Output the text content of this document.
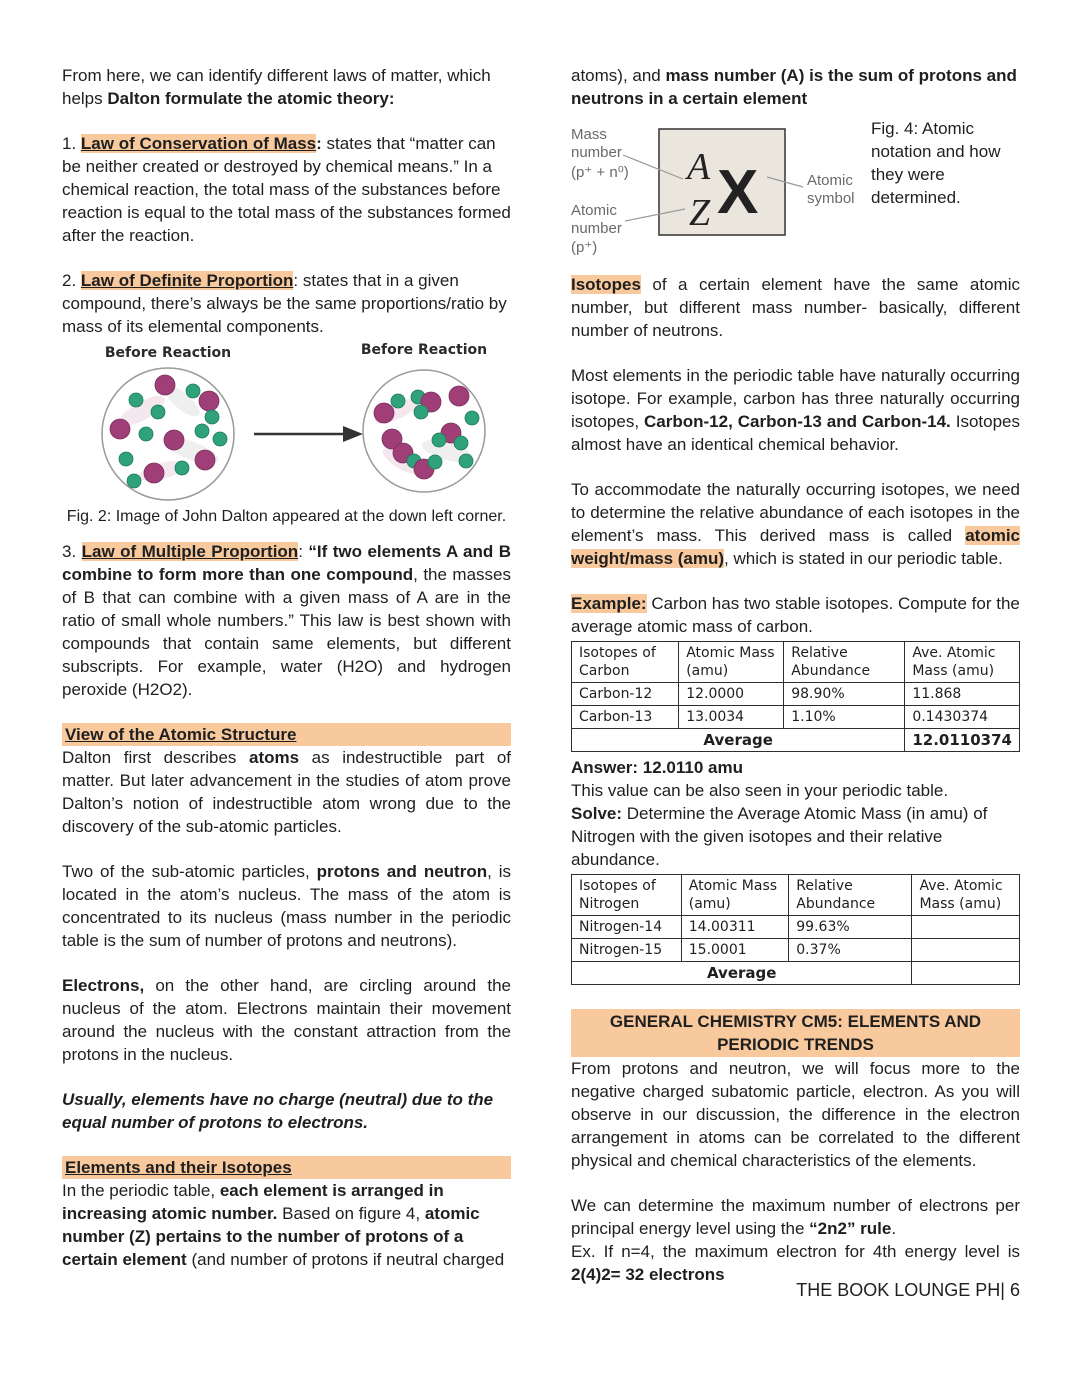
From here, we can identify different laws of matter, which helps Dalton formulate the atomic theory:

1. Law of Conservation of Mass: states that “matter can be neither created or destroyed by chemical means.” In a chemical reaction, the total mass of the substances before reaction is equal to the total mass of the substances formed after the reaction.

2. Law of Definite Proportion: states that in a given compound, there’s always be the same proportions/ratio by mass of its elemental components.

Before Reaction	Before Reaction
Fig. 2: Image of John Dalton appeared at the down left corner.

3. Law of Multiple Proportion: “If two elements A and B combine to form more than one compound, the masses of B that can combine with a given mass of A are in the ratio of small whole numbers.” This law is best shown with compounds that contain same elements, but different subscripts. For example, water (H2O) and hydrogen peroxide (H2O2).

View of the Atomic Structure

Dalton first describes atoms as indestructible part of matter. But later advancement in the studies of atom prove Dalton’s notion of indestructible atom wrong due to the discovery of the sub-atomic particles.

Two of the sub-atomic particles, protons and neutron, is located in the atom’s nucleus. The mass of the atom is concentrated to its nucleus (mass number in the periodic table is the sum of number of protons and neutrons).

Electrons, on the other hand, are circling around the nucleus of the atom. Electrons maintain their movement around the nucleus with the constant attraction from the protons in the nucleus.

Usually, elements have no charge (neutral) due to the equal number of protons to electrons.

Elements and their Isotopes

In the periodic table, each element is arranged in increasing atomic number. Based on figure 4, atomic number (Z) pertains to the number of protons of a certain element (and number of protons if neutral charged

atoms), and mass number (A) is the sum of protons and neutrons in a certain element

Mass
number
(p⁺ + n⁰)
Atomic
number
(p⁺)
A
Z X	Atomic
symbol
Fig. 4: Atomic notation and how they were determined.

Isotopes of a certain element have the same atomic number, but different mass number- basically, different number of neutrons.

Most elements in the periodic table have naturally occurring isotope. For example, carbon has three naturally occurring isotopes, Carbon-12, Carbon-13 and Carbon-14. Isotopes almost have an identical chemical behavior.

To accommodate the naturally occurring isotopes, we need to determine the relative abundance of each isotopes in the element’s mass. This derived mass is called atomic weight/mass (amu), which is stated in our periodic table.

Example: Carbon has two stable isotopes. Compute for the average atomic mass of carbon.

Isotopes of Carbon	Atomic Mass (amu)	Relative Abundance	Ave. Atomic Mass (amu)
Carbon-12	12.0000	98.90%	11.868
Carbon-13	13.0034	1.10%	0.1430374
Average			12.0110374

Answer: 12.0110 amu

This value can be also seen in your periodic table.

Solve: Determine the Average Atomic Mass (in amu) of Nitrogen with the given isotopes and their relative abundance.

Isotopes of Nitrogen	Atomic Mass (amu)	Relative Abundance	Ave. Atomic Mass (amu)
Nitrogen-14	14.00311	99.63%	
Nitrogen-15	15.0001	0.37%	
Average			
GENERAL CHEMISTRY CM5: ELEMENTS AND PERIODIC TRENDS

From protons and neutron, we will focus more to the negative charged subatomic particle, electron. As you will observe in our discussion, the difference in the electron arrangement in atoms can be correlated to the different physical and chemical characteristics of the elements.

We can determine the maximum number of electrons per principal energy level using the “2n2” rule.

Ex. If n=4, the maximum electron for 4th energy level is 2(4)2= 32 electrons

THE BOOK LOUNGE PH| 6
